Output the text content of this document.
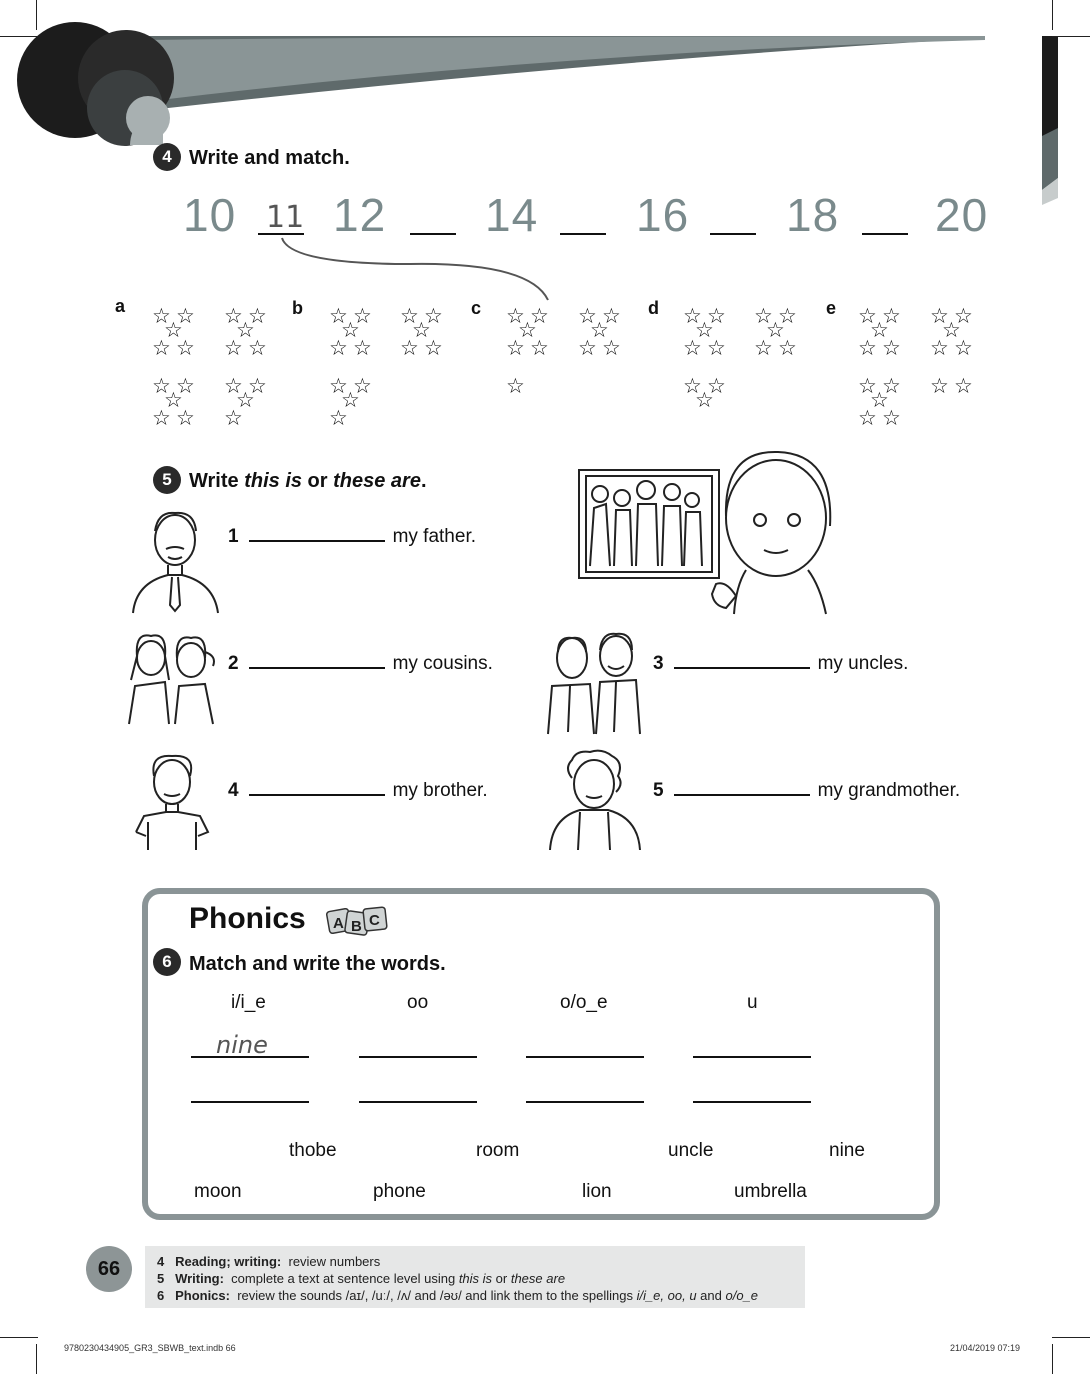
4 Write and match.
10 11 12 14 16 18 20
a	b	c	d	e
☆ ☆
☆
☆ ☆
☆ ☆
☆
☆ ☆
☆ ☆
☆
☆ ☆
☆ ☆
☆
☆
☆ ☆
☆
☆ ☆
☆ ☆
☆
☆ ☆
☆ ☆
☆
☆
☆ ☆
☆
☆ ☆
☆ ☆
☆
☆ ☆
☆
☆ ☆
☆
☆ ☆
☆ ☆
☆
☆ ☆
☆ ☆
☆
☆ ☆
☆
☆ ☆
☆ ☆
☆
☆ ☆
☆ ☆
☆
☆ ☆
☆ ☆
5 Write this is or these are.
1	my father.
2	my cousins.	3	my uncles.
4	my brother.	5	my grandmother.
Phonics A B C
6 Match and write the words.
i/i_e	oo	o/o_e	u
nine
thobe	room	uncle	nine
moon	phone	lion	umbrella
66	4 Reading; writing: review numbers
5 Writing: complete a text at sentence level using this is or these are
6 Phonics: review the sounds /aɪ/, /uː/, /ʌ/ and /əʊ/ and link them to the spellings i/i_e, oo, u and o/o_e
9780230434905_GR3_SBWB_text.indb 66	21/04/2019 07:19
